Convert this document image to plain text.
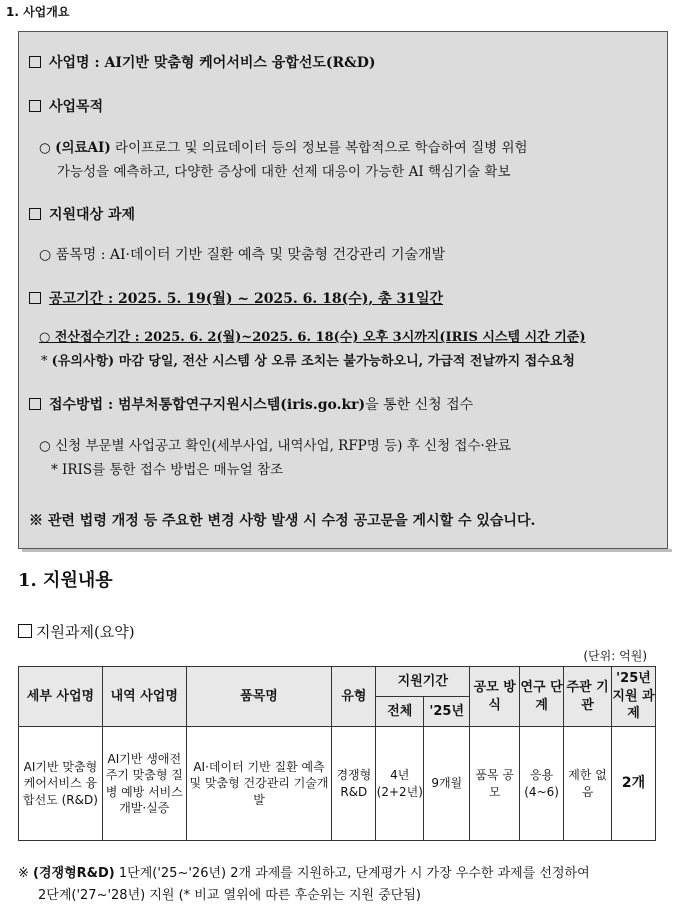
1. 사업개요
사업명 : AI기반 맞춤형 케어서비스 융합선도(R&D)
사업목적
○ (의료AI) 라이프로그 및 의료데이터 등의 정보를 복합적으로 학습하여 질병 위험
가능성을 예측하고, 다양한 증상에 대한 선제 대응이 가능한 AI 핵심기술 확보
지원대상 과제
○ 품목명 : AI·데이터 기반 질환 예측 및 맞춤형 건강관리 기술개발
공고기간 : 2025. 5. 19(월) ~ 2025. 6. 18(수), 총 31일간
○ 전산접수기간 : 2025. 6. 2(월)~2025. 6. 18(수) 오후 3시까지(IRIS 시스템 시간 기준)
* (유의사항) 마감 당일, 전산 시스템 상 오류 조치는 불가능하오니, 가급적 전날까지 접수요청
접수방법 : 범부처통합연구지원시스템(iris.go.kr)을 통한 신청 접수
○ 신청 부문별 사업공고 확인(세부사업, 내역사업, RFP명 등) 후 신청 접수·완료
* IRIS를 통한 접수 방법은 매뉴얼 참조
※ 관련 법령 개정 등 주요한 변경 사항 발생 시 수정 공고문을 게시할 수 있습니다.
1. 지원내용
지원과제(요약)
(단위: 억원)
세부 사업명	내역 사업명	품목명	유형	지원기간		공모 방식	연구 단계	주관 기관	'25년 지원 과제
				전체	'25년				
AI기반 맞춤형 케어서비스 융합선도 (R&D)	AI기반 생애전주기 맞춤형 질병 예방 서비스 개발·실증	AI·데이터 기반 질환 예측 및 맞춤형 건강관리 기술개발	경쟁형 R&D	4년 (2+2년)	9개월	품목 공모	응용 (4~6)	제한 없음	2개
※ (경쟁형R&D) 1단계('25~'26년) 2개 과제를 지원하고, 단계평가 시 가장 우수한 과제를 선정하여
2단계('27~'28년) 지원 (* 비교 열위에 따른 후순위는 지원 중단됨)
